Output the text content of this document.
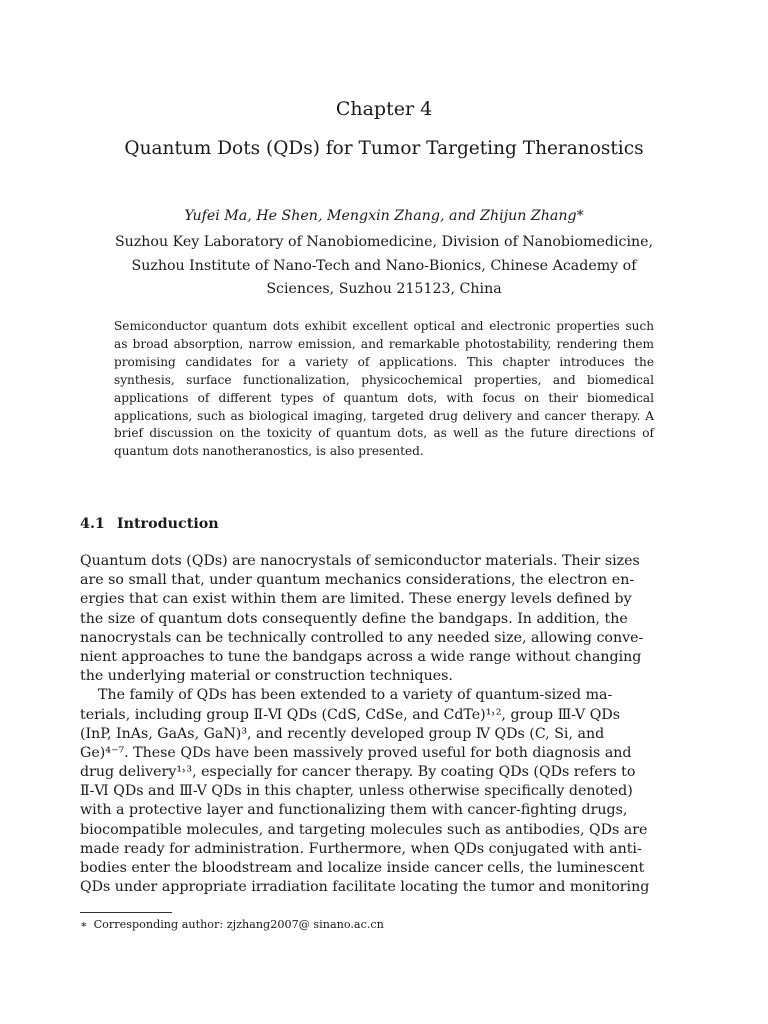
Chapter 4
Quantum Dots (QDs) for Tumor Targeting Theranostics
Yufei Ma, He Shen, Mengxin Zhang, and Zhijun Zhang*
Suzhou Key Laboratory of Nanobiomedicine, Division of Nanobiomedicine,
Suzhou Institute of Nano-Tech and Nano-Bionics, Chinese Academy of
Sciences, Suzhou 215123, China
Semiconductor quantum dots exhibit excellent optical and electronic properties such as broad absorption, narrow emission, and remarkable photostability, rendering them promising candidates for a variety of applications. This chapter introduces the synthesis, surface functionalization, physicochemical properties, and biomedical applications of different types of quantum dots, with focus on their biomedical applications, such as biological imaging, targeted drug delivery and cancer therapy. A brief discussion on the toxicity of quantum dots, as well as the future directions of quantum dots nanotheranostics, is also presented.
4.1 Introduction
Quantum dots (QDs) are nanocrystals of semiconductor materials. Their sizes
are so small that, under quantum mechanics considerations, the electron en-
ergies that can exist within them are limited. These energy levels defined by
the size of quantum dots consequently define the bandgaps. In addition, the
nanocrystals can be technically controlled to any needed size, allowing conve-
nient approaches to tune the bandgaps across a wide range without changing
the underlying material or construction techniques.
The family of QDs has been extended to a variety of quantum-sized ma-
terials, including group Ⅱ-Ⅵ QDs (CdS, CdSe, and CdTe)¹˒², group Ⅲ-V QDs
(InP, InAs, GaAs, GaN)³, and recently developed group Ⅳ QDs (C, Si, and
Ge)⁴⁻⁷. These QDs have been massively proved useful for both diagnosis and
drug delivery¹˒³, especially for cancer therapy. By coating QDs (QDs refers to
Ⅱ-Ⅵ QDs and Ⅲ-V QDs in this chapter, unless otherwise specifically denoted)
with a protective layer and functionalizing them with cancer-fighting drugs,
biocompatible molecules, and targeting molecules such as antibodies, QDs are
made ready for administration. Furthermore, when QDs conjugated with anti-
bodies enter the bloodstream and localize inside cancer cells, the luminescent
QDs under appropriate irradiation facilitate locating the tumor and monitoring
∗ Corresponding author: zjzhang2007@ sinano.ac.cn
